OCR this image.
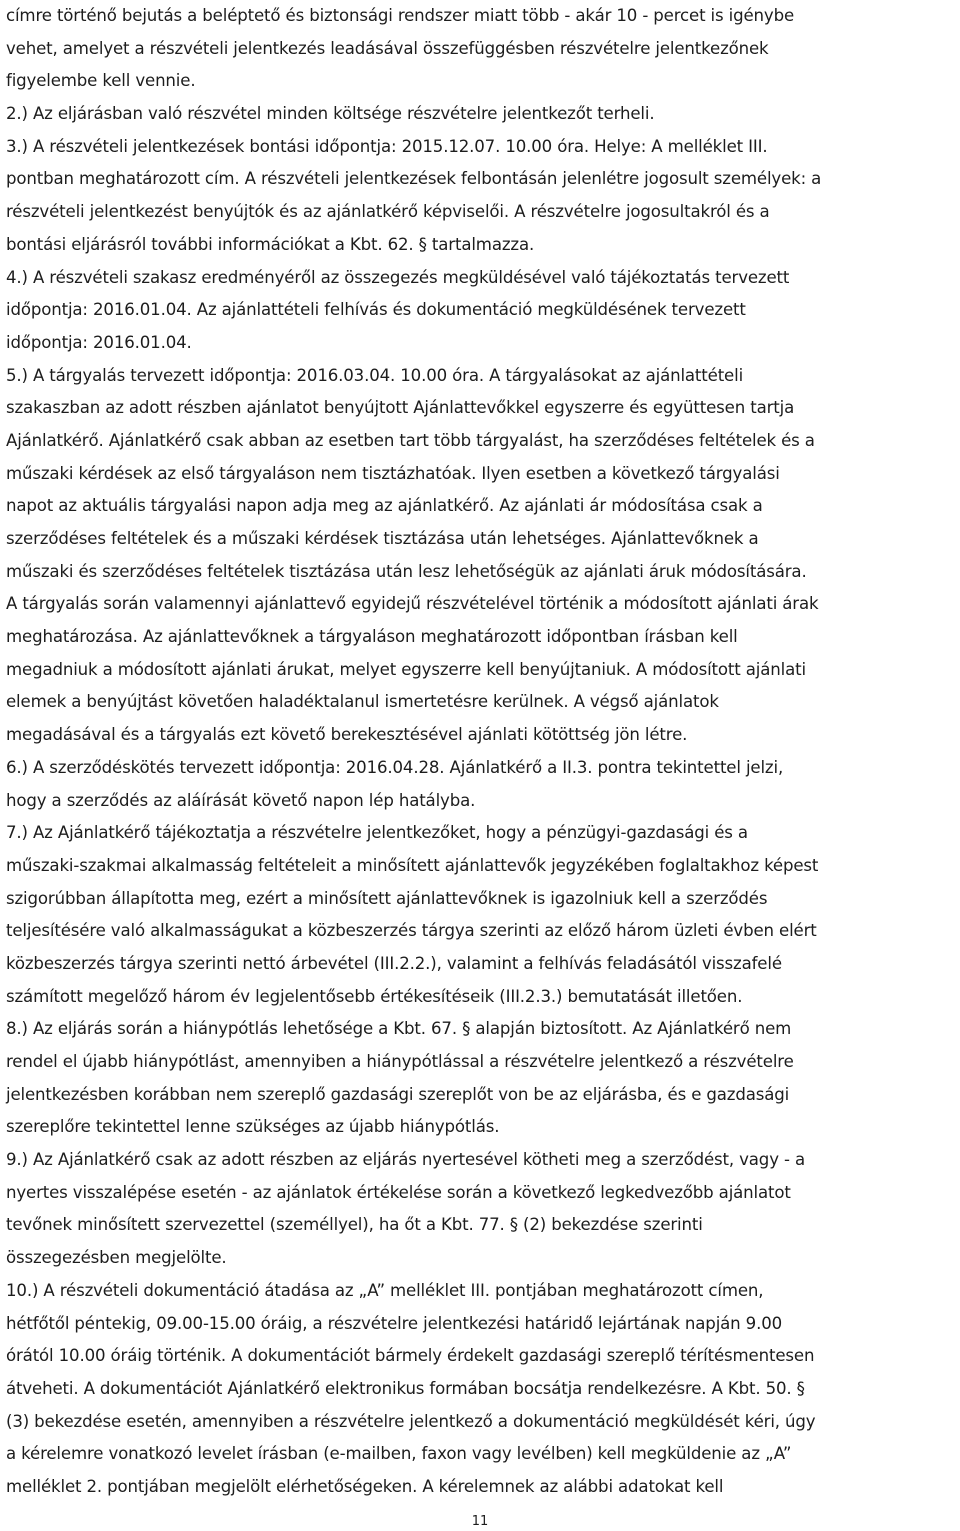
címre történő bejutás a beléptető és biztonsági rendszer miatt több - akár 10 - percet is igénybe
vehet, amelyet a részvételi jelentkezés leadásával összefüggésben részvételre jelentkezőnek
figyelembe kell vennie.
2.) Az eljárásban való részvétel minden költsége részvételre jelentkezőt terheli.
3.) A részvételi jelentkezések bontási időpontja: 2015.12.07. 10.00 óra. Helye: A melléklet III.
pontban meghatározott cím. A részvételi jelentkezések felbontásán jelenlétre jogosult személyek: a
részvételi jelentkezést benyújtók és az ajánlatkérő képviselői. A részvételre jogosultakról és a
bontási eljárásról további információkat a Kbt. 62. § tartalmazza.
4.) A részvételi szakasz eredményéről az összegezés megküldésével való tájékoztatás tervezett
időpontja: 2016.01.04. Az ajánlattételi felhívás és dokumentáció megküldésének tervezett
időpontja: 2016.01.04.
5.) A tárgyalás tervezett időpontja: 2016.03.04. 10.00 óra. A tárgyalásokat az ajánlattételi
szakaszban az adott részben ajánlatot benyújtott Ajánlattevőkkel egyszerre és együttesen tartja
Ajánlatkérő. Ajánlatkérő csak abban az esetben tart több tárgyalást, ha szerződéses feltételek és a
műszaki kérdések az első tárgyaláson nem tisztázhatóak. Ilyen esetben a következő tárgyalási
napot az aktuális tárgyalási napon adja meg az ajánlatkérő. Az ajánlati ár módosítása csak a
szerződéses feltételek és a műszaki kérdések tisztázása után lehetséges. Ajánlattevőknek a
műszaki és szerződéses feltételek tisztázása után lesz lehetőségük az ajánlati áruk módosítására.
A tárgyalás során valamennyi ajánlattevő egyidejű részvételével történik a módosított ajánlati árak
meghatározása. Az ajánlattevőknek a tárgyaláson meghatározott időpontban írásban kell
megadniuk a módosított ajánlati árukat, melyet egyszerre kell benyújtaniuk. A módosított ajánlati
elemek a benyújtást követően haladéktalanul ismertetésre kerülnek. A végső ajánlatok
megadásával és a tárgyalás ezt követő berekesztésével ajánlati kötöttség jön létre.
6.) A szerződéskötés tervezett időpontja: 2016.04.28. Ajánlatkérő a II.3. pontra tekintettel jelzi,
hogy a szerződés az aláírását követő napon lép hatályba.
7.) Az Ajánlatkérő tájékoztatja a részvételre jelentkezőket, hogy a pénzügyi-gazdasági és a
műszaki-szakmai alkalmasság feltételeit a minősített ajánlattevők jegyzékében foglaltakhoz képest
szigorúbban állapította meg, ezért a minősített ajánlattevőknek is igazolniuk kell a szerződés
teljesítésére való alkalmasságukat a közbeszerzés tárgya szerinti az előző három üzleti évben elért
közbeszerzés tárgya szerinti nettó árbevétel (III.2.2.), valamint a felhívás feladásától visszafelé
számított megelőző három év legjelentősebb értékesítéseik (III.2.3.) bemutatását illetően.
8.) Az eljárás során a hiánypótlás lehetősége a Kbt. 67. § alapján biztosított. Az Ajánlatkérő nem
rendel el újabb hiánypótlást, amennyiben a hiánypótlással a részvételre jelentkező a részvételre
jelentkezésben korábban nem szereplő gazdasági szereplőt von be az eljárásba, és e gazdasági
szereplőre tekintettel lenne szükséges az újabb hiánypótlás.
9.) Az Ajánlatkérő csak az adott részben az eljárás nyertesével kötheti meg a szerződést, vagy - a
nyertes visszalépése esetén - az ajánlatok értékelése során a következő legkedvezőbb ajánlatot
tevőnek minősített szervezettel (személlyel), ha őt a Kbt. 77. § (2) bekezdése szerinti
összegezésben megjelölte.
10.) A részvételi dokumentáció átadása az „A” melléklet III. pontjában meghatározott címen,
hétfőtől péntekig, 09.00-15.00 óráig, a részvételre jelentkezési határidő lejártának napján 9.00
órától 10.00 óráig történik. A dokumentációt bármely érdekelt gazdasági szereplő térítésmentesen
átveheti. A dokumentációt Ajánlatkérő elektronikus formában bocsátja rendelkezésre. A Kbt. 50. §
(3) bekezdése esetén, amennyiben a részvételre jelentkező a dokumentáció megküldését kéri, úgy
a kérelemre vonatkozó levelet írásban (e-mailben, faxon vagy levélben) kell megküldenie az „A”
melléklet 2. pontjában megjelölt elérhetőségeken. A kérelemnek az alábbi adatokat kell
11
